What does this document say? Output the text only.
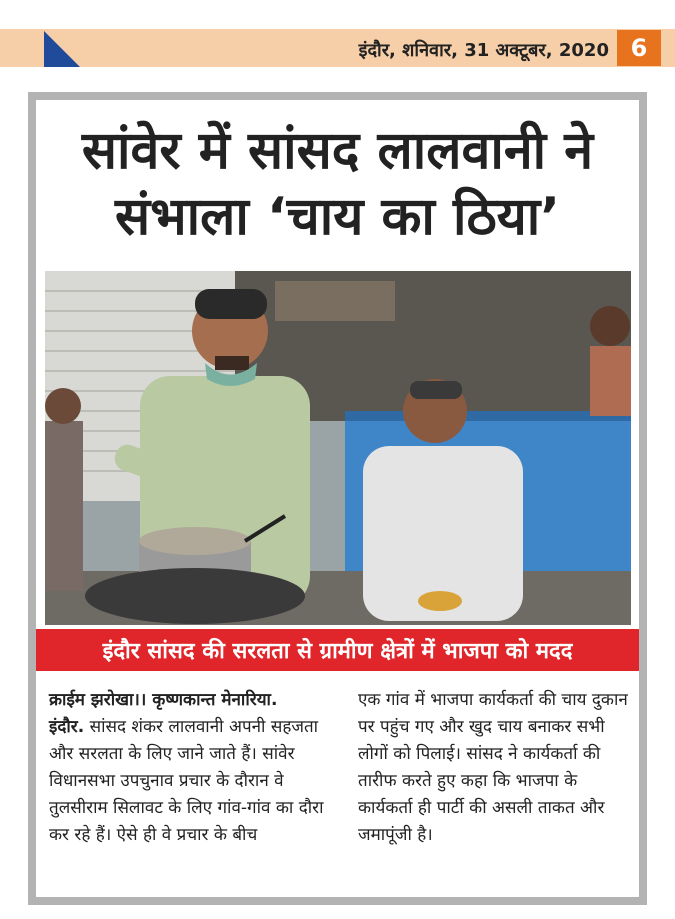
इंदौर, शनिवार, 31 अक्टूबर, 2020 6
सांवेर में सांसद लालवानी ने
संभाला ‘चाय का ठिया’
इंदौर सांसद की सरलता से ग्रामीण क्षेत्रों में भाजपा को मदद

क्राईम झरोखा।। कृष्णकान्त मेनारिया.

इंदौर. सांसद शंकर लालवानी अपनी सहजता और सरलता के लिए जाने जाते हैं। सांवेर विधानसभा उपचुनाव प्रचार के दौरान वे तुलसीराम सिलावट के लिए गांव-गांव का दौरा कर रहे हैं। ऐसे ही वे प्रचार के बीच

एक गांव में भाजपा कार्यकर्ता की चाय दुकान पर पहुंच गए और खुद चाय बनाकर सभी लोगों को पिलाई। सांसद ने कार्यकर्ता की तारीफ करते हुए कहा कि भाजपा के कार्यकर्ता ही पार्टी की असली ताकत और जमापूंजी है।
